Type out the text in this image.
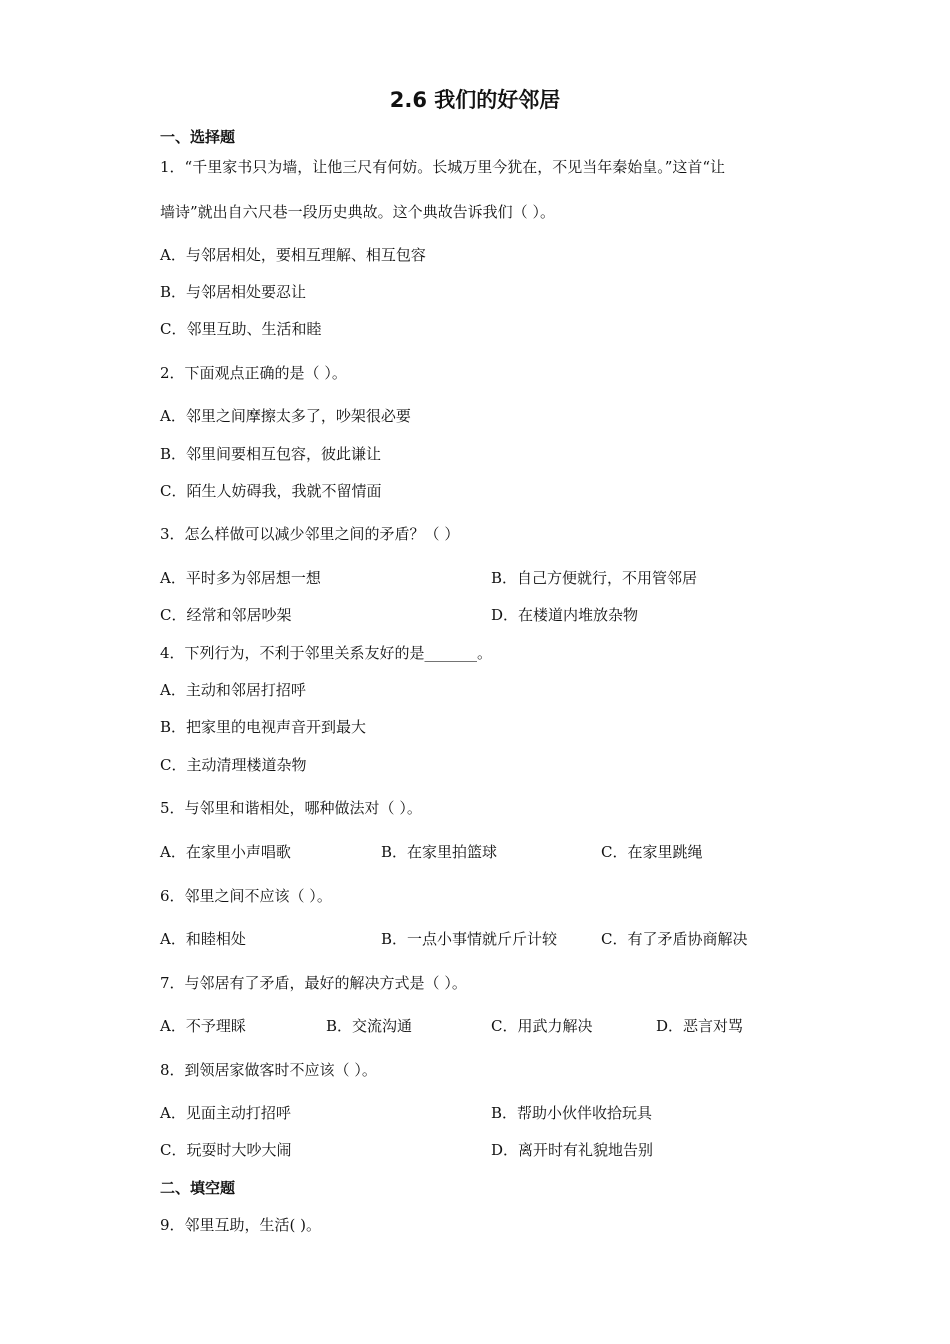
2.6 我们的好邻居
一、选择题
1．“千里家书只为墙，让他三尺有何妨。长城万里今犹在，不见当年秦始皇。”这首“让
墙诗”就出自六尺巷一段历史典故。这个典故告诉我们（ ）。
A．与邻居相处，要相互理解、相互包容
B．与邻居相处要忍让
C．邻里互助、生活和睦
2．下面观点正确的是（ ）。
A．邻里之间摩擦太多了，吵架很必要
B．邻里间要相互包容，彼此谦让
C．陌生人妨碍我，我就不留情面
3．怎么样做可以减少邻里之间的矛盾？（ ）
A．平时多为邻居想一想	B．自己方便就行，不用管邻居
C．经常和邻居吵架	D．在楼道内堆放杂物
4．下列行为，不利于邻里关系友好的是_______。
A．主动和邻居打招呼
B．把家里的电视声音开到最大
C．主动清理楼道杂物
5．与邻里和谐相处，哪种做法对（ ）。
A．在家里小声唱歌	B．在家里拍篮球	C．在家里跳绳
6．邻里之间不应该（ ）。
A．和睦相处	B．一点小事情就斤斤计较	C．有了矛盾协商解决
7．与邻居有了矛盾，最好的解决方式是（ ）。
A．不予理睬	B．交流沟通	C．用武力解决	D．恶言对骂
8．到领居家做客时不应该（ ）。
A．见面主动打招呼	B．帮助小伙伴收拾玩具
C．玩耍时大吵大闹	D．离开时有礼貌地告别
二、填空题
9．邻里互助，生活( )。
